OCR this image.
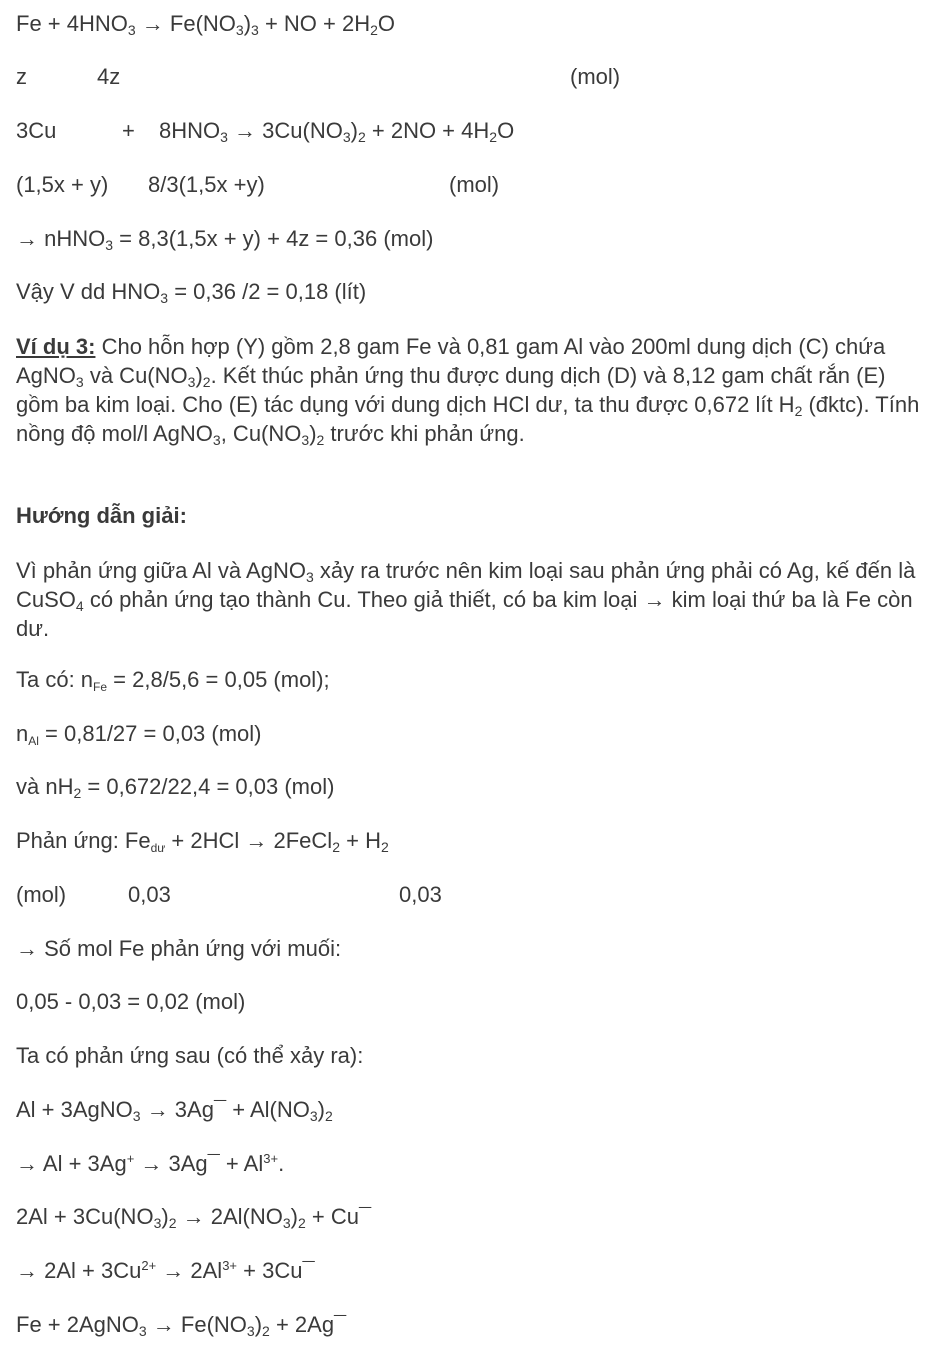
$Fe + 4HNO_3 \to Fe(NO_3)_3$ + NO + $2H_2O$
z	4z	(mol)
3Cu	+ $8HNO_3 \to 3Cu(NO_3)_2 + 2NO + 4H_2O$
(1,5x + y) 8/3(1,5x +y)	(mol)
→ nHNO$_3$ = 8,3(1,5x + y) + 4z = 0,36 (mol)
Vậy V dd $HNO_3 = 0,36$ /2 = 0,18 (lít)
Ví dụ 3: Cho hỗn hợp (Y) gồm 2,8 gam Fe và 0,81 gam Al vào 200ml dung dịch (C) chứa AgNO$_3$ và $Cu(NO_3)_2$. Kết thúc phản ứng thu được dung dịch (D) và 8,12 gam chất rắn (E) gồm ba kim loại. Cho (E) tác dụng với dung dịch HCl dư, ta thu được 0,672 lít $H_2$ (đktc). Tính nồng độ mol/l AgNO$_3$, $Cu(NO_3)_2$ trước khi phản ứng.
Hướng dẫn giải:
Vì phản ứng giữa Al và AgNO$_3$ xảy ra trước nên kim loại sau phản ứng phải có Ag, kế đến là CuSO$_4$ có phản ứng tạo thành Cu. Theo giả thiết, có ba kim loại → kim loại thứ ba là Fe còn dư.
Ta có: $n_{Fe} = 2,8/5,6 = 0,05$ (mol);
$n_{Al} = 0,81/27 = 0,03$ (mol)
và $nH_2 = 0,672/22,4 = 0,03$ (mol)
Phản ứng: $Fe_{dư} + 2HCl$ → 2FeCl$_2$ + $H_2$
(mol)	0,03	0,03
→ Số mol Fe phản ứng với muối:
0,05 - 0,03 = 0,02 (mol)
Ta có phản ứng sau (có thể xảy ra):
Al + 3AgNO$_3$ → 3Ag¯ + $Al(NO_3)_2$
→ Al + 3Ag+ → 3Ag¯ + $Al^{3+}$.
$2Al + 3Cu(NO_3)_2 \to 2Al(NO_3)_2$ + Cu¯
→ $2Al + 3Cu^{2+} \to 2Al^{3+}$ + 3Cu¯
Fe + 2AgNO$_3$ → $Fe(NO_3)_2$ + 2Ag¯
